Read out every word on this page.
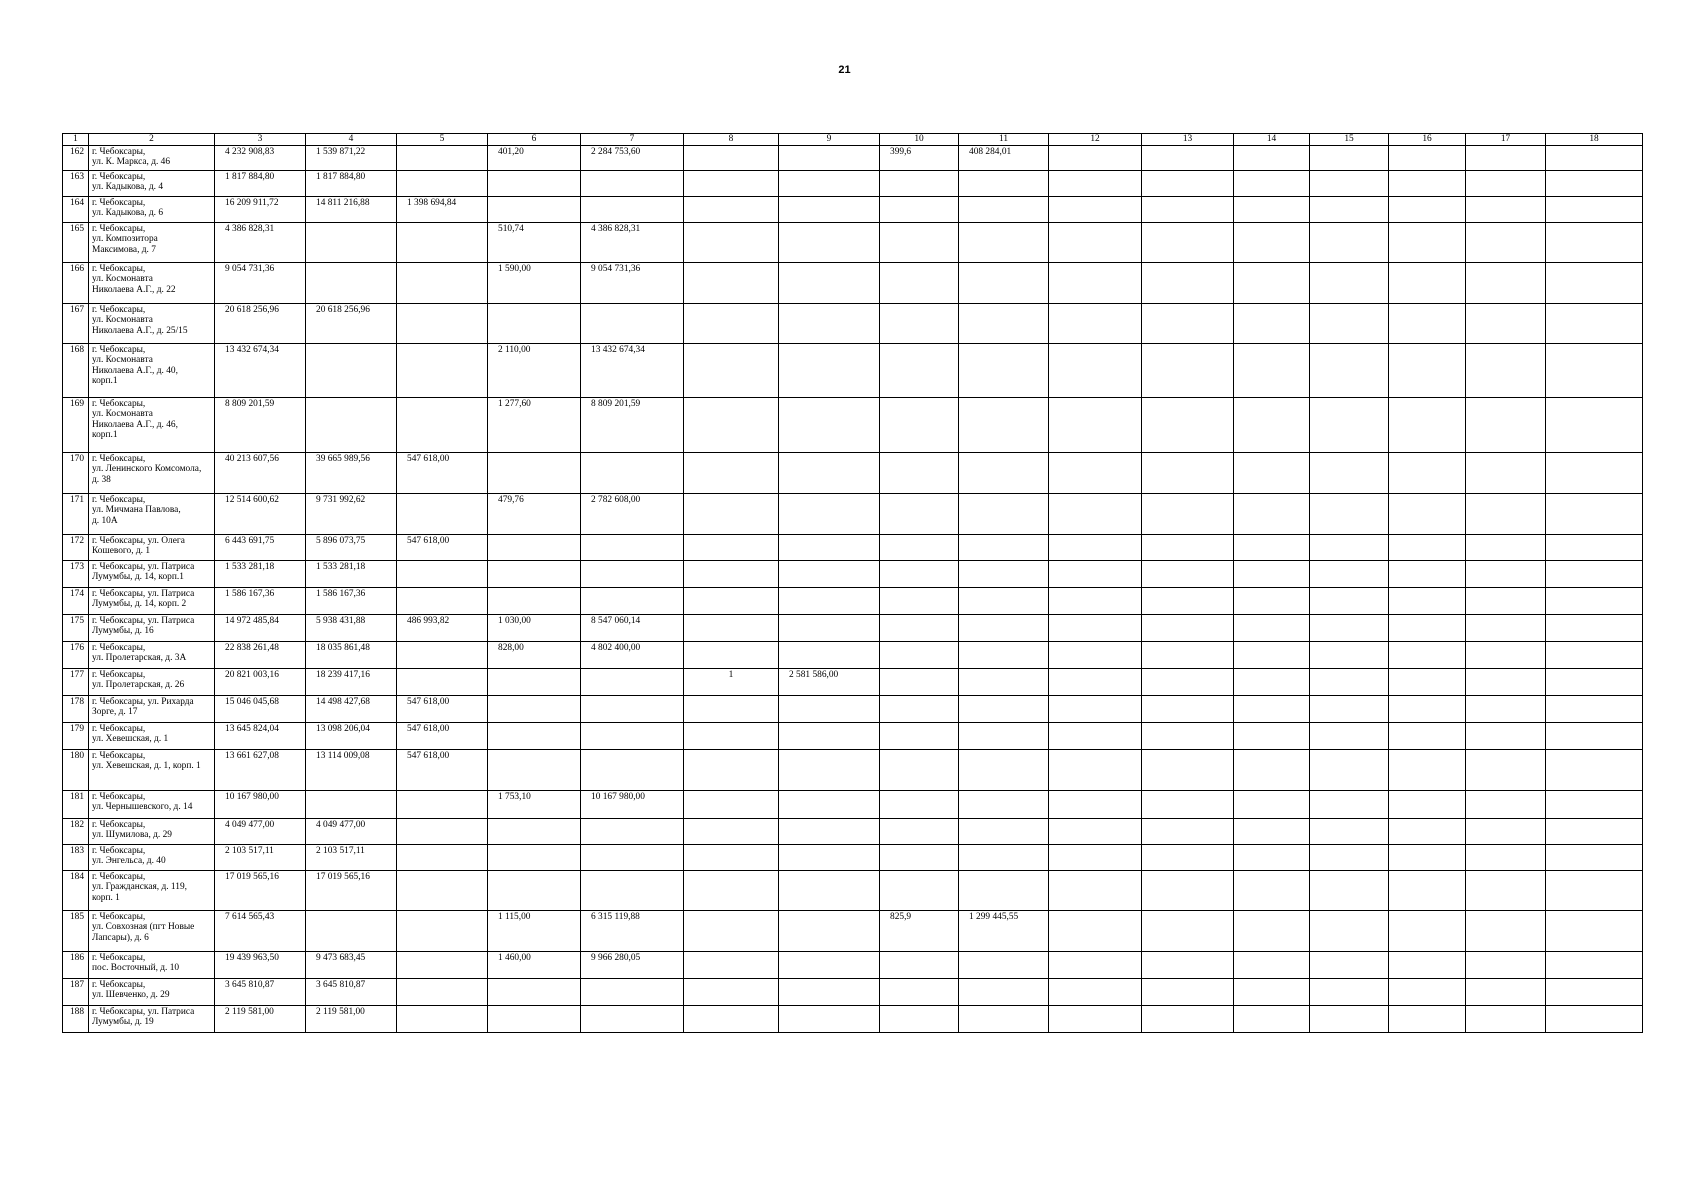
21
1	2	3	4	5	6	7	8	9	10	11	12	13	14	15	16	17	18
162	г. Чебоксары,
ул. К. Маркса, д. 46	4 232 908,83	1 539 871,22		401,20	2 284 753,60			399,6	408 284,01							
163	г. Чебоксары,
ул. Кадыкова, д. 4	1 817 884,80	1 817 884,80														
164	г. Чебоксары,
ул. Кадыкова, д. 6	16 209 911,72	14 811 216,88	1 398 694,84													
165	г. Чебоксары,
ул. Композитора
Максимова, д. 7	4 386 828,31			510,74	4 386 828,31											
166	г. Чебоксары,
ул. Космонавта
Николаева А.Г., д. 22	9 054 731,36			1 590,00	9 054 731,36											
167	г. Чебоксары,
ул. Космонавта
Николаева А.Г., д. 25/15	20 618 256,96	20 618 256,96														
168	г. Чебоксары,
ул. Космонавта
Николаева А.Г., д. 40,
корп.1	13 432 674,34			2 110,00	13 432 674,34											
169	г. Чебоксары,
ул. Космонавта
Николаева А.Г., д. 46,
корп.1	8 809 201,59			1 277,60	8 809 201,59											
170	г. Чебоксары,
ул. Ленинского Комсомола,
д. 38	40 213 607,56	39 665 989,56	547 618,00													
171	г. Чебоксары,
ул. Мичмана Павлова,
д. 10А	12 514 600,62	9 731 992,62		479,76	2 782 608,00											
172	г. Чебоксары, ул. Олега
Кошевого, д. 1	6 443 691,75	5 896 073,75	547 618,00													
173	г. Чебоксары, ул. Патриса
Лумумбы, д. 14, корп.1	1 533 281,18	1 533 281,18														
174	г. Чебоксары, ул. Патриса
Лумумбы, д. 14, корп. 2	1 586 167,36	1 586 167,36														
175	г. Чебоксары, ул. Патриса
Лумумбы, д. 16	14 972 485,84	5 938 431,88	486 993,82	1 030,00	8 547 060,14											
176	г. Чебоксары,
ул. Пролетарская, д. 3А	22 838 261,48	18 035 861,48		828,00	4 802 400,00											
177	г. Чебоксары,
ул. Пролетарская, д. 26	20 821 003,16	18 239 417,16				1	2 581 586,00									
178	г. Чебоксары, ул. Рихарда
Зорге, д. 17	15 046 045,68	14 498 427,68	547 618,00													
179	г. Чебоксары,
ул. Хевешская, д. 1	13 645 824,04	13 098 206,04	547 618,00													
180	г. Чебоксары,
ул. Хевешская, д. 1, корп. 1	13 661 627,08	13 114 009,08	547 618,00													
181	г. Чебоксары,
ул. Чернышевского, д. 14	10 167 980,00			1 753,10	10 167 980,00											
182	г. Чебоксары,
ул. Шумилова, д. 29	4 049 477,00	4 049 477,00														
183	г. Чебоксары,
ул. Энгельса, д. 40	2 103 517,11	2 103 517,11														
184	г. Чебоксары,
ул. Гражданская, д. 119,
корп. 1	17 019 565,16	17 019 565,16														
185	г. Чебоксары,
ул. Совхозная (пгт Новые
Лапсары), д. 6	7 614 565,43			1 115,00	6 315 119,88			825,9	1 299 445,55							
186	г. Чебоксары,
пос. Восточный, д. 10	19 439 963,50	9 473 683,45		1 460,00	9 966 280,05											
187	г. Чебоксары,
ул. Шевченко, д. 29	3 645 810,87	3 645 810,87														
188	г. Чебоксары, ул. Патриса
Лумумбы, д. 19	2 119 581,00	2 119 581,00														
